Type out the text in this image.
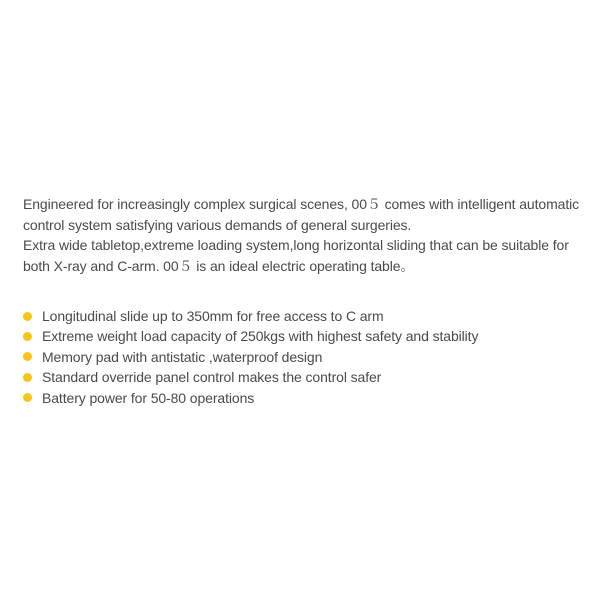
Engineered for increasingly complex surgical scenes, 00５ comes with intelligent automatic control system satisfying various demands of general surgeries.

Extra wide tabletop,extreme loading system,long horizontal sliding that can be suitable for both X-ray and C-arm. 00５ is an ideal electric operating table。

Longitudinal slide up to 350mm for free access to C arm
Extreme weight load capacity of 250kgs with highest safety and stability
Memory pad with antistatic ,waterproof design
Standard override panel control makes the control safer
Battery power for 50-80 operations
